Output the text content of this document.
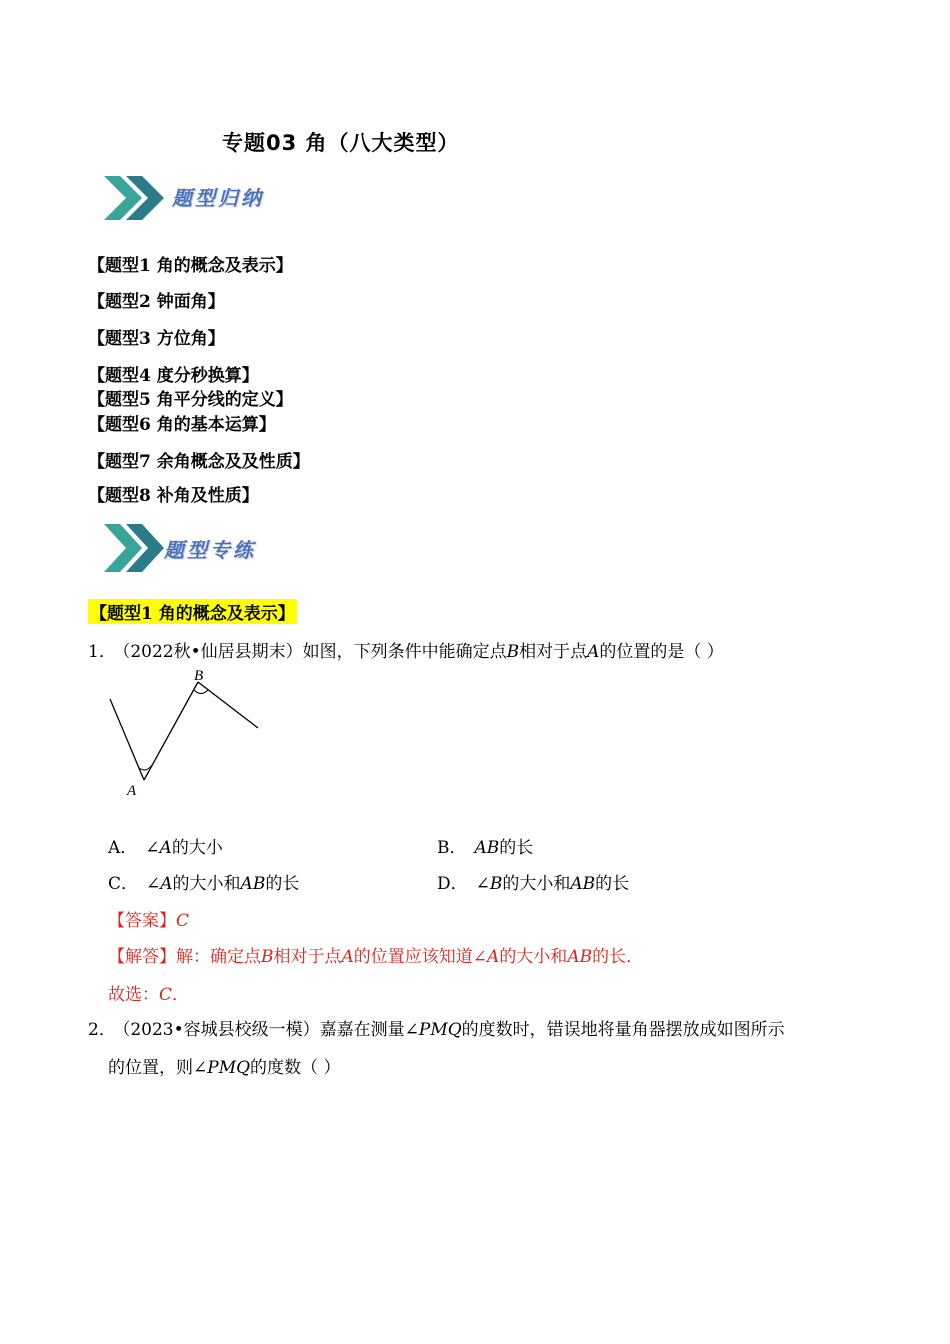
专题03 角（八大类型）
题型归纳
【题型1 角的概念及表示】
【题型2 钟面角】
【题型3 方位角】
【题型4 度分秒换算】
【题型5 角平分线的定义】
【题型6 角的基本运算】
【题型7 余角概念及及性质】
【题型8 补角及性质】
题型专练
【题型1 角的概念及表示】
1． （2022秋•仙居县期末）如图，下列条件中能确定点B相对于点A的位置的是（ ）
A
B
A． ∠A的大小	B． AB的长
C． ∠A的大小和AB的长	D． ∠B的大小和AB的长
【答案】C
【解答】解：确定点B相对于点A的位置应该知道∠A的大小和AB的长．
故选：C．
2． （2023•容城县校级一模）嘉嘉在测量∠PMQ的度数时，错误地将量角器摆放成如图所示
的位置，则∠PMQ的度数（ ）
